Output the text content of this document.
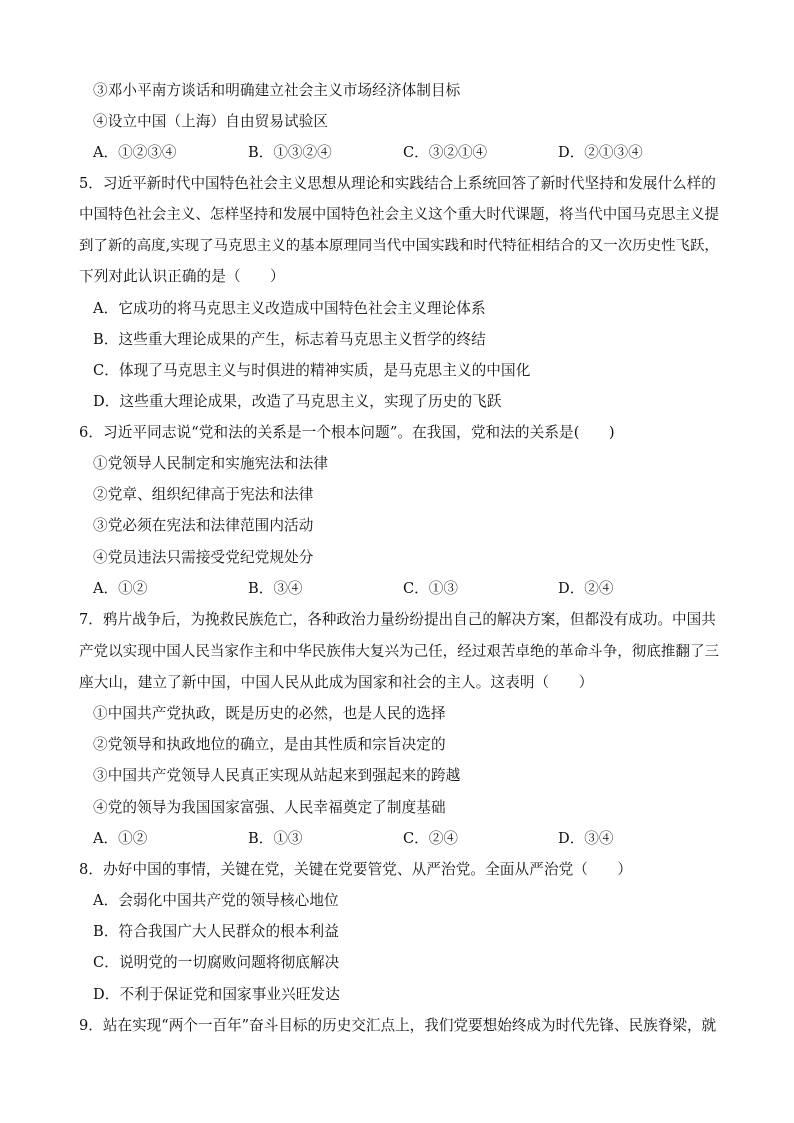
③邓小平南方谈话和明确建立社会主义市场经济体制目标
④设立中国（上海）自由贸易试验区
A．①②③④	B．①③②④	C．③②①④	D．②①③④
5．习近平新时代中国特色社会主义思想从理论和实践结合上系统回答了新时代坚持和发展什么样的
中国特色社会主义、怎样坚持和发展中国特色社会主义这个重大时代课题，将当代中国马克思主义提
到了新的高度,实现了马克思主义的基本原理同当代中国实践和时代特征相结合的又一次历史性飞跃，
下列对此认识正确的是（　　）
A．它成功的将马克思主义改造成中国特色社会主义理论体系
B．这些重大理论成果的产生，标志着马克思主义哲学的终结
C．体现了马克思主义与时俱进的精神实质，是马克思主义的中国化
D．这些重大理论成果，改造了马克思主义，实现了历史的飞跃
6．习近平同志说“党和法的关系是一个根本问题”。在我国，党和法的关系是(　　)
①党领导人民制定和实施宪法和法律
②党章、组织纪律高于宪法和法律
③党必须在宪法和法律范围内活动
④党员违法只需接受党纪党规处分
A．①②	B．③④	C．①③	D．②④
7．鸦片战争后，为挽救民族危亡，各种政治力量纷纷提出自己的解决方案，但都没有成功。中国共
产党以实现中国人民当家作主和中华民族伟大复兴为己任，经过艰苦卓绝的革命斗争，彻底推翻了三
座大山，建立了新中国，中国人民从此成为国家和社会的主人。这表明（　　）
①中国共产党执政，既是历史的必然，也是人民的选择
②党领导和执政地位的确立，是由其性质和宗旨决定的
③中国共产党领导人民真正实现从站起来到强起来的跨越
④党的领导为我国国家富强、人民幸福奠定了制度基础
A．①②	B．①③	C．②④	D．③④
8．办好中国的事情，关键在党，关键在党要管党、从严治党。全面从严治党（　　）
A．会弱化中国共产党的领导核心地位
B．符合我国广大人民群众的根本利益
C．说明党的一切腐败问题将彻底解决
D．不利于保证党和国家事业兴旺发达
9．站在实现“两个一百年”奋斗目标的历史交汇点上，我们党要想始终成为时代先锋、民族脊梁，就
